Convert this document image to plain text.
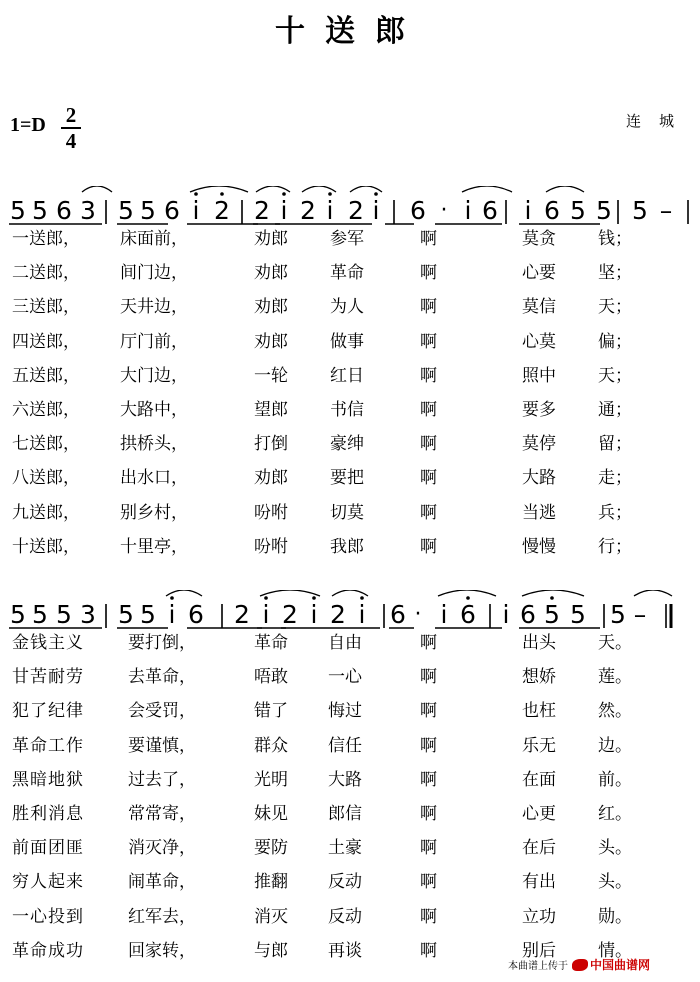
十送郎
1=D 2
4
连城
5 5 6 3 5 5 6 i 2 2 i 2 i 2 i	6 · i 6	i 6 5 5 5 –
一送郎， 床面前，	劝郎 参军	啊	莫贪 钱；
二送郎， 间门边，	劝郎 革命	啊	心要 坚；
三送郎， 天井边，	劝郎 为人	啊	莫信 天；
四送郎， 厅门前，	劝郎 做事	啊	心莫 偏；
五送郎， 大门边，	一轮 红日	啊	照中 天；
六送郎， 大路中，	望郎 书信	啊	要多 通；
七送郎， 拱桥头，	打倒 豪绅	啊	莫停 留；
八送郎， 出水口，	劝郎 要把	啊	大路 走；
九送郎， 别乡村，	吩咐 切莫	啊	当逃 兵；
十送郎， 十里亭，	吩咐 我郎	啊	慢慢 行；
5 5 5 3 5 5 i 6 2 i 2 i 2 i 6 · i 6	i 6 5 5 5 –
金钱主义	要打倒，	革命 自由	啊	出头 天。
甘苦耐劳	去革命，	唔敢 一心	啊	想娇 莲。
犯了纪律	会受罚，	错了 悔过	啊	也枉 然。
革命工作	要谨慎，	群众 信任	啊	乐无 边。
黑暗地狱	过去了，	光明 大路	啊	在面 前。
胜利消息	常常寄，	妹见 郎信	啊	心更 红。
前面团匪	消灭净，	要防 土豪	啊	在后 头。
穷人起来	闹革命，	推翻 反动	啊	有出 头。
一心投到	红军去，	消灭 反动	啊	立功 勋。
革命成功	回家转，	与郎 再谈	啊	别后 情。
本曲谱上传于 中国曲谱网
